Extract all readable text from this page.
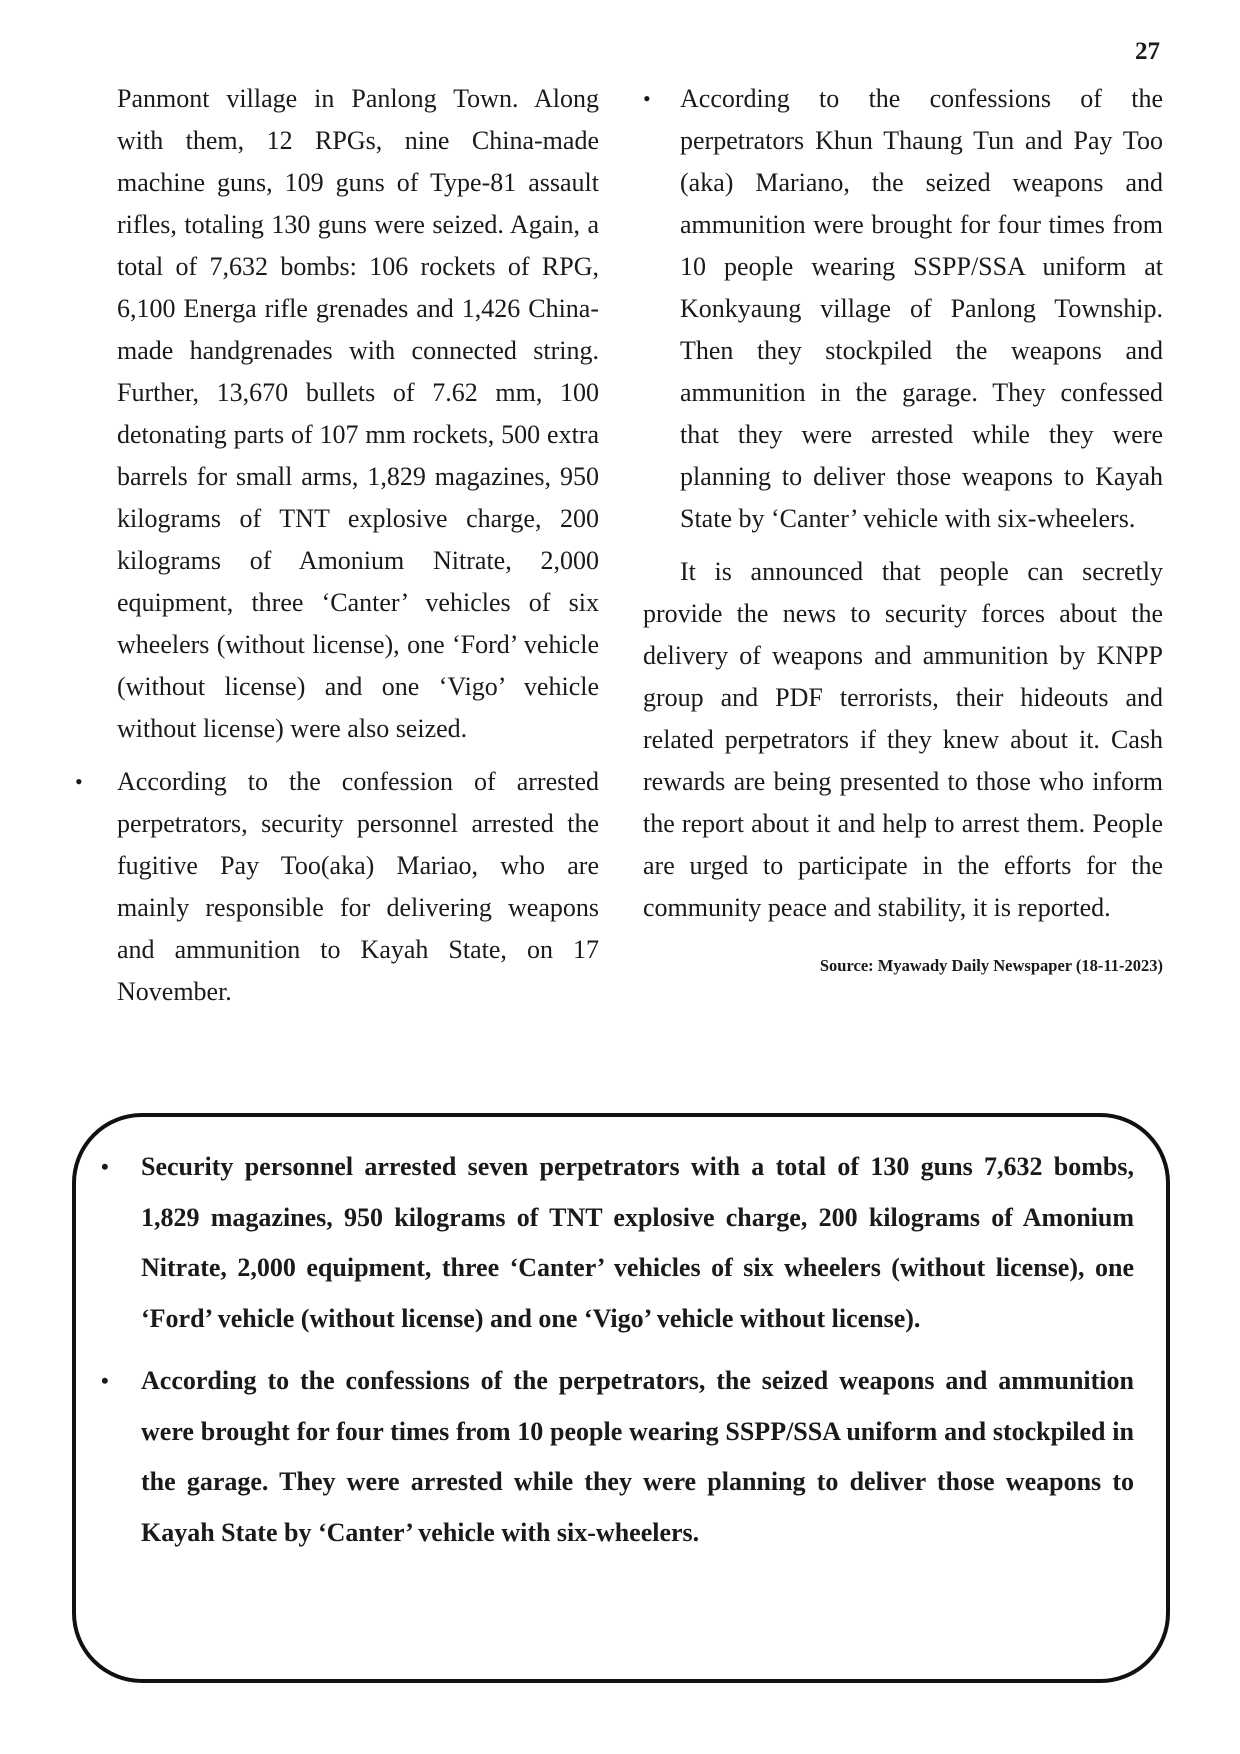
27

Panmont village in Panlong Town. Along with them, 12 RPGs, nine China-made machine guns, 109 guns of Type-81 assault rifles, totaling 130 guns were seized. Again, a total of 7,632 bombs: 106 rockets of RPG, 6,100 Energa rifle grenades and 1,426 China-made handgrenades with connected string. Further, 13,670 bullets of 7.62 mm, 100 detonating parts of 107 mm rockets, 500 extra barrels for small arms, 1,829 magazines, 950 kilograms of TNT explosive charge, 200 kilograms of Amonium Nitrate, 2,000 equipment, three ‘Canter’ vehicles of six wheelers (without license), one ‘Ford’ vehicle (without license) and one ‘Vigo’ vehicle without license) were also seized.

• According to the confession of arrested perpetrators, security personnel arrested the fugitive Pay Too(aka) Mariao, who are mainly responsible for delivering weapons and ammunition to Kayah State, on 17 November.

• According to the confessions of the perpetrators Khun Thaung Tun and Pay Too (aka) Mariano, the seized weapons and ammunition were brought for four times from 10 people wearing SSPP/SSA uniform at Konkyaung village of Panlong Township. Then they stockpiled the weapons and ammunition in the garage. They confessed that they were arrested while they were planning to deliver those weapons to Kayah State by ‘Canter’ vehicle with six-wheelers.

It is announced that people can secretly provide the news to security forces about the delivery of weapons and ammunition by KNPP group and PDF terrorists, their hideouts and related perpetrators if they knew about it. Cash rewards are being presented to those who inform the report about it and help to arrest them. People are urged to participate in the efforts for the community peace and stability, it is reported.

Source: Myawady Daily Newspaper (18-11-2023)
• Security personnel arrested seven perpetrators with a total of 130 guns 7,632 bombs, 1,829 magazines, 950 kilograms of TNT explosive charge, 200 kilograms of Amonium Nitrate, 2,000 equipment, three ‘Canter’ vehicles of six wheelers (without license), one ‘Ford’ vehicle (without license) and one ‘Vigo’ vehicle without license).
• According to the confessions of the perpetrators, the seized weapons and ammunition were brought for four times from 10 people wearing SSPP/SSA uniform and stockpiled in the garage. They were arrested while they were planning to deliver those weapons to Kayah State by ‘Canter’ vehicle with six-wheelers.
